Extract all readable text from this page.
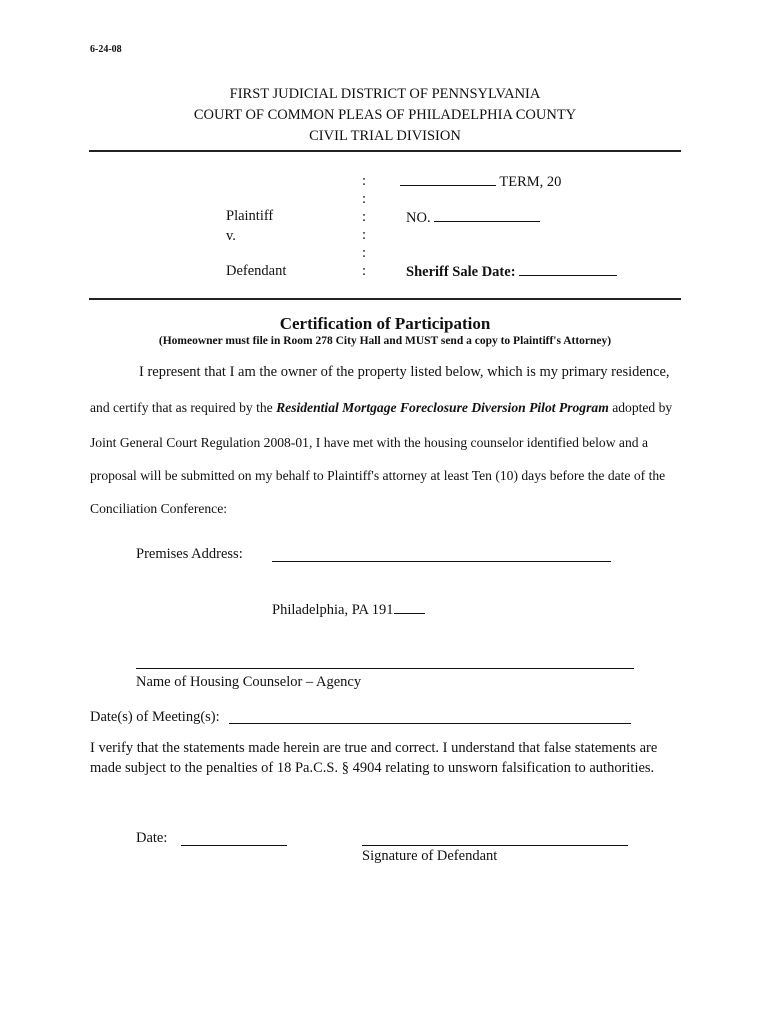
6-24-08
FIRST JUDICIAL DISTRICT OF PENNSYLVANIA
COURT OF COMMON PLEAS OF PHILADELPHIA COUNTY
CIVIL TRIAL DIVISION
Plaintiff
v.
Defendant
:
:
:
:
:
:
TERM, 20
NO.
Sheriff Sale Date:
Certification of Participation
(Homeowner must file in Room 278 City Hall and MUST send a copy to Plaintiff's Attorney)
I represent that I am the owner of the property listed below, which is my primary residence,
and certify that as required by the Residential Mortgage Foreclosure Diversion Pilot Program adopted by
Joint General Court Regulation 2008-01, I have met with the housing counselor identified below and a
proposal will be submitted on my behalf to Plaintiff's attorney at least Ten (10) days before the date of the
Conciliation Conference:
Premises Address:
Philadelphia, PA 191
Name of Housing Counselor – Agency
Date(s) of Meeting(s):
I verify that the statements made herein are true and correct. I understand that false statements are made subject to the penalties of 18 Pa.C.S. § 4904 relating to unsworn falsification to authorities.
Date:
Signature of Defendant
